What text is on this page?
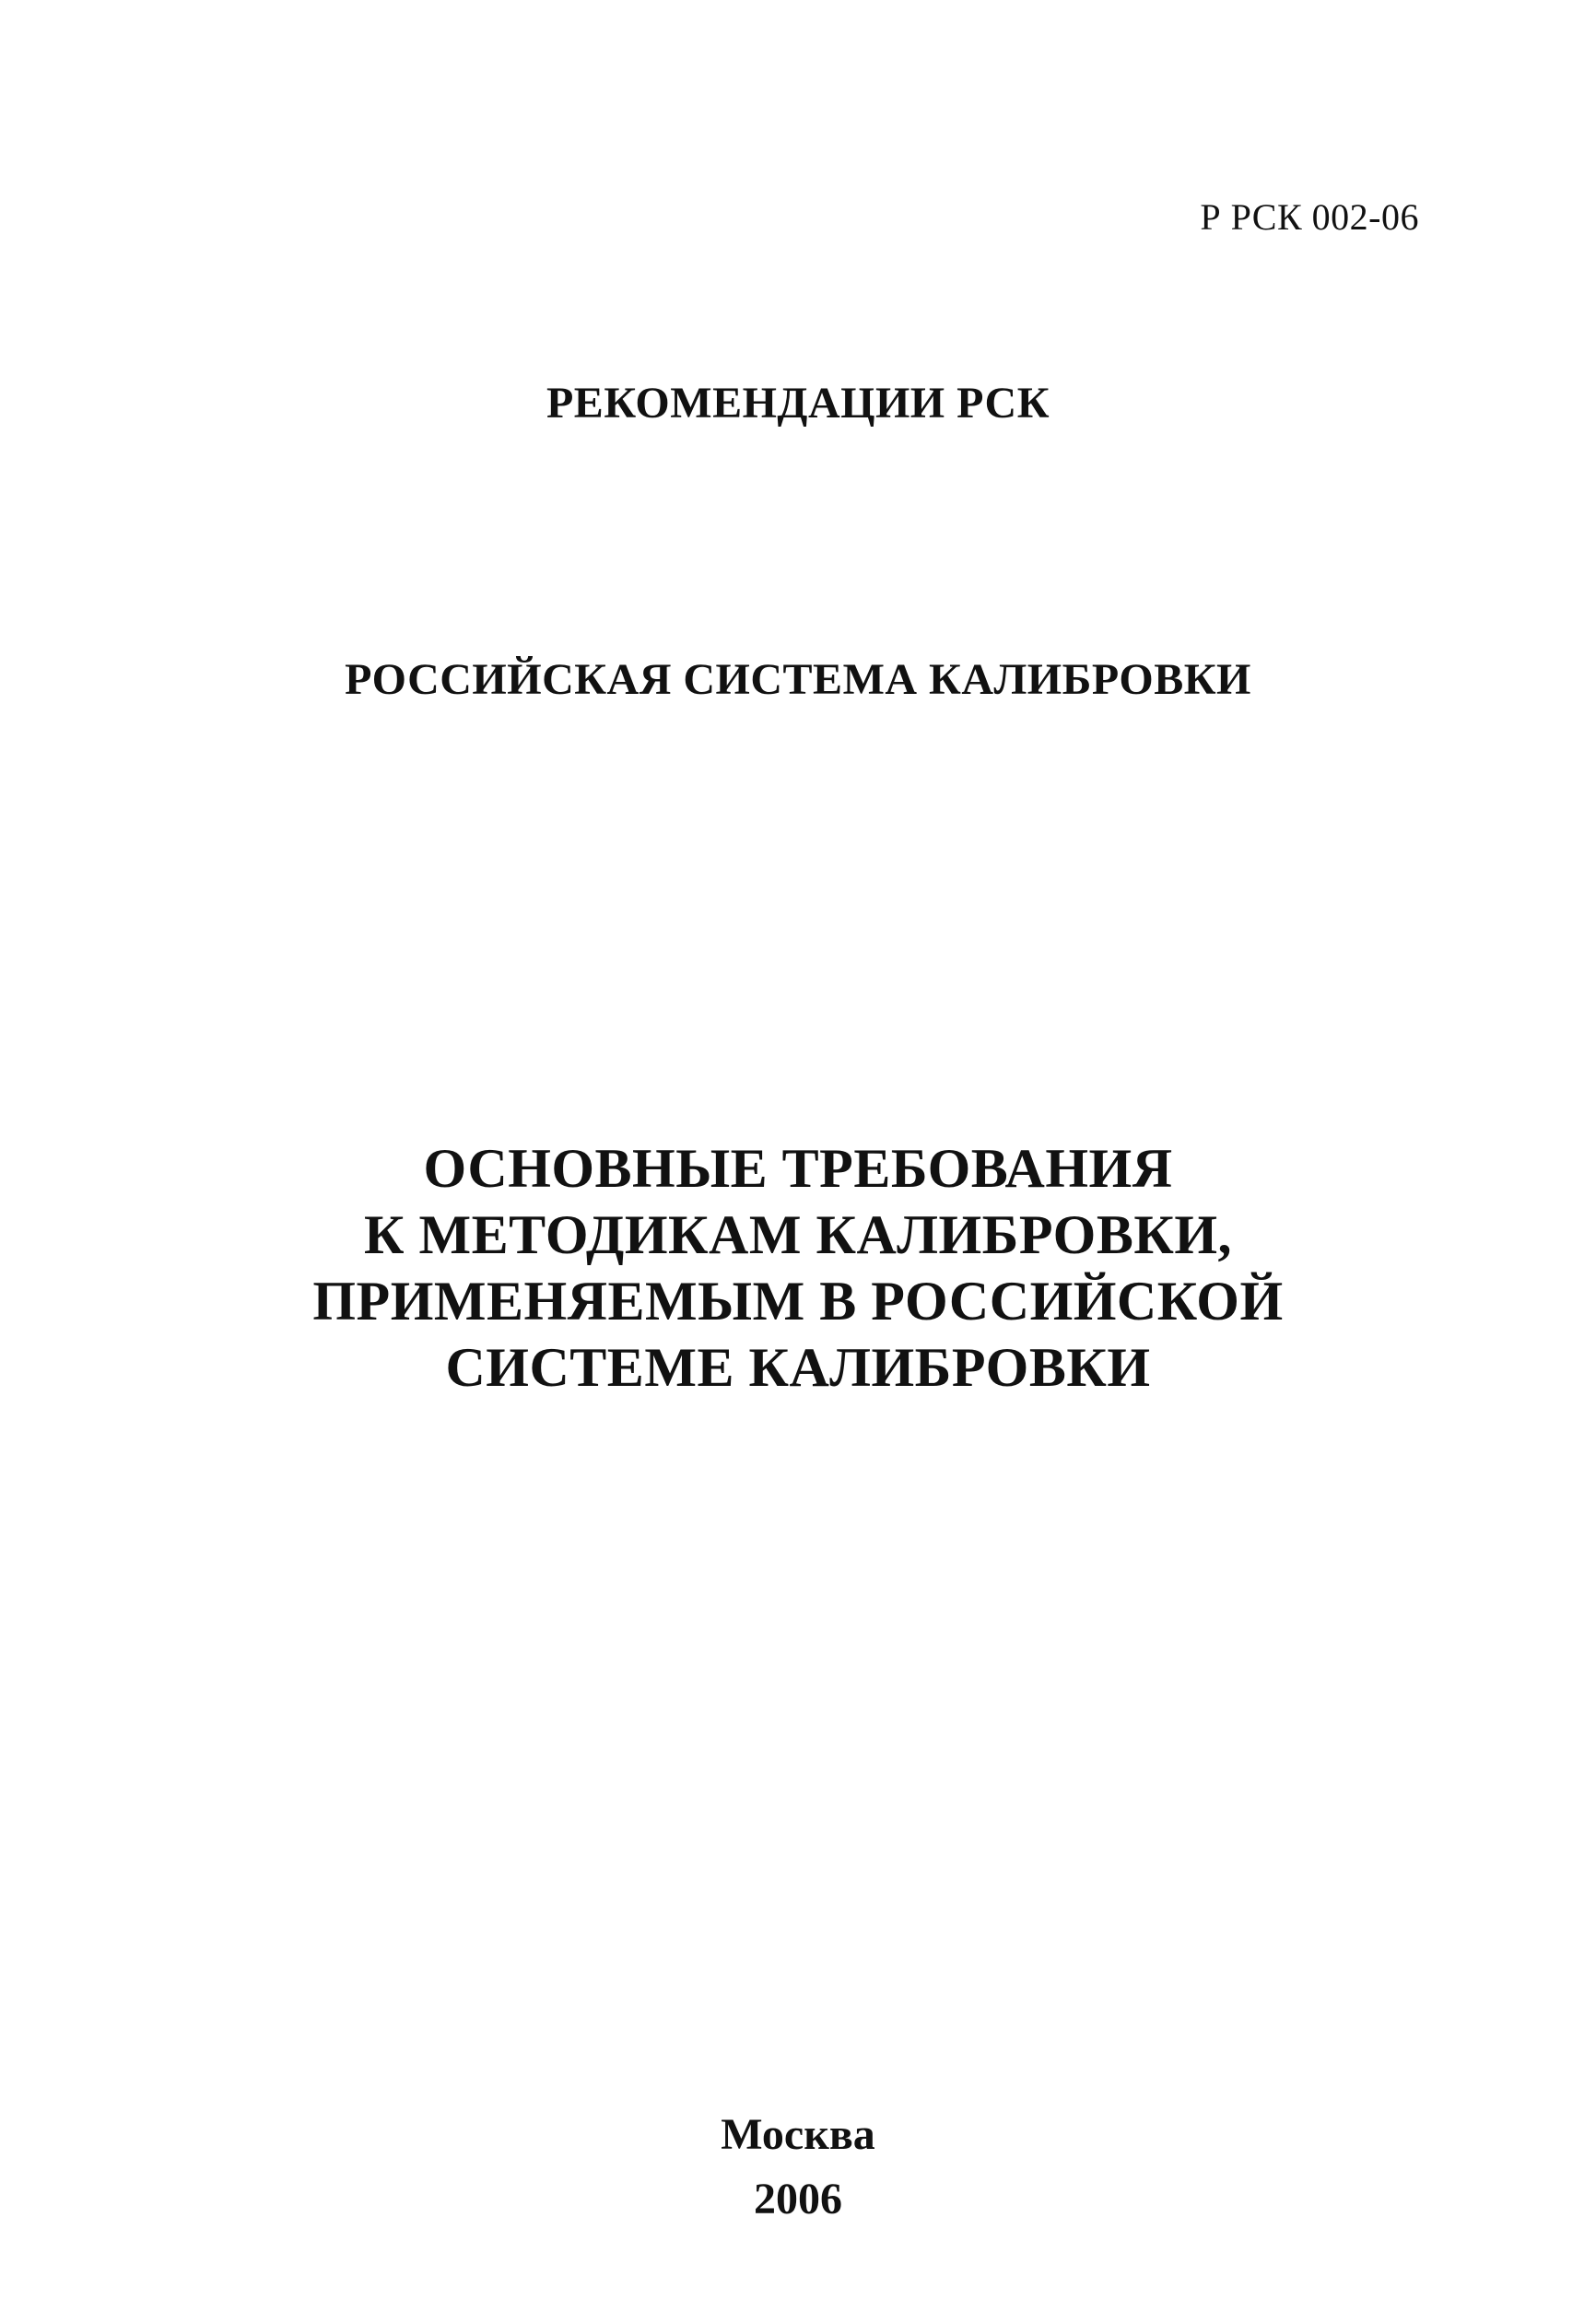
Р РСК 002-06
РЕКОМЕНДАЦИИ РСК
РОССИЙСКАЯ СИСТЕМА КАЛИБРОВКИ
ОСНОВНЫЕ ТРЕБОВАНИЯ
К МЕТОДИКАМ КАЛИБРОВКИ,
ПРИМЕНЯЕМЫМ В РОССИЙСКОЙ
СИСТЕМЕ КАЛИБРОВКИ
Москва
2006
